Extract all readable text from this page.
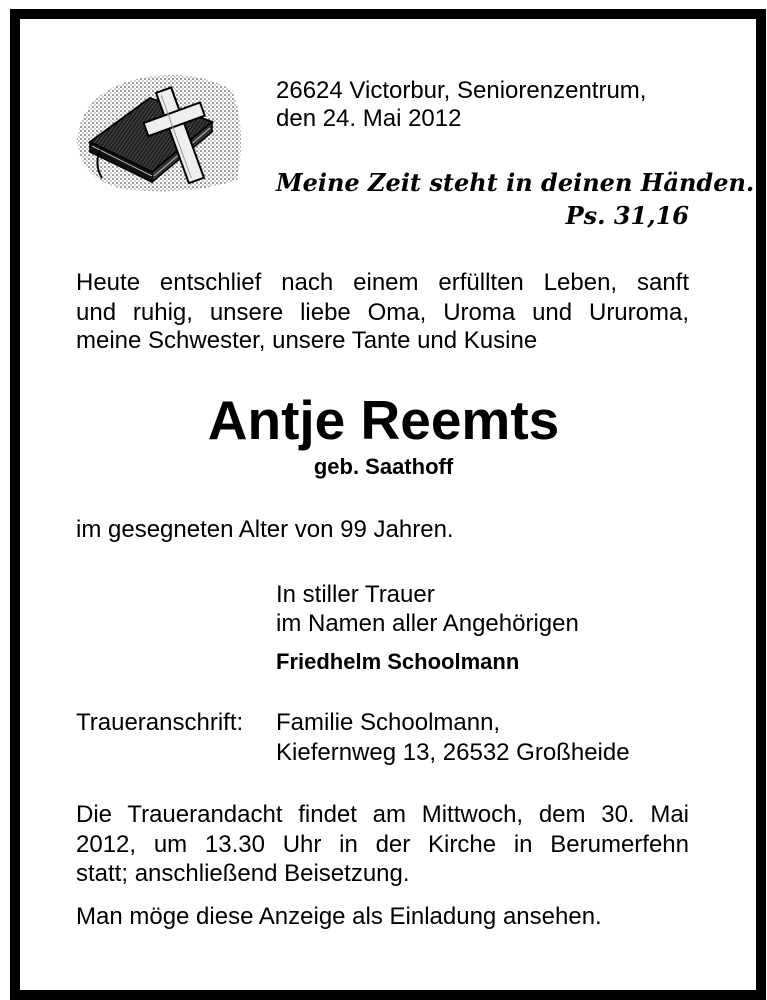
26624 Victorbur, Seniorenzentrum,
den 24. Mai 2012
Meine Zeit steht in deinen Händen.
Ps. 31,16
Heute entschlief nach einem erfüllten Leben, sanft
und ruhig, unsere liebe Oma, Uroma und Ururoma,
meine Schwester, unsere Tante und Kusine
Antje Reemts
geb. Saathoff
im gesegneten Alter von 99 Jahren.
In stiller Trauer
im Namen aller Angehörigen
Friedhelm Schoolmann
Traueranschrift: Familie Schoolmann,
Kiefernweg 13, 26532 Großheide
Die Trauerandacht findet am Mittwoch, dem 30. Mai
2012, um 13.30 Uhr in der Kirche in Berumerfehn
statt; anschließend Beisetzung.
Man möge diese Anzeige als Einladung ansehen.
